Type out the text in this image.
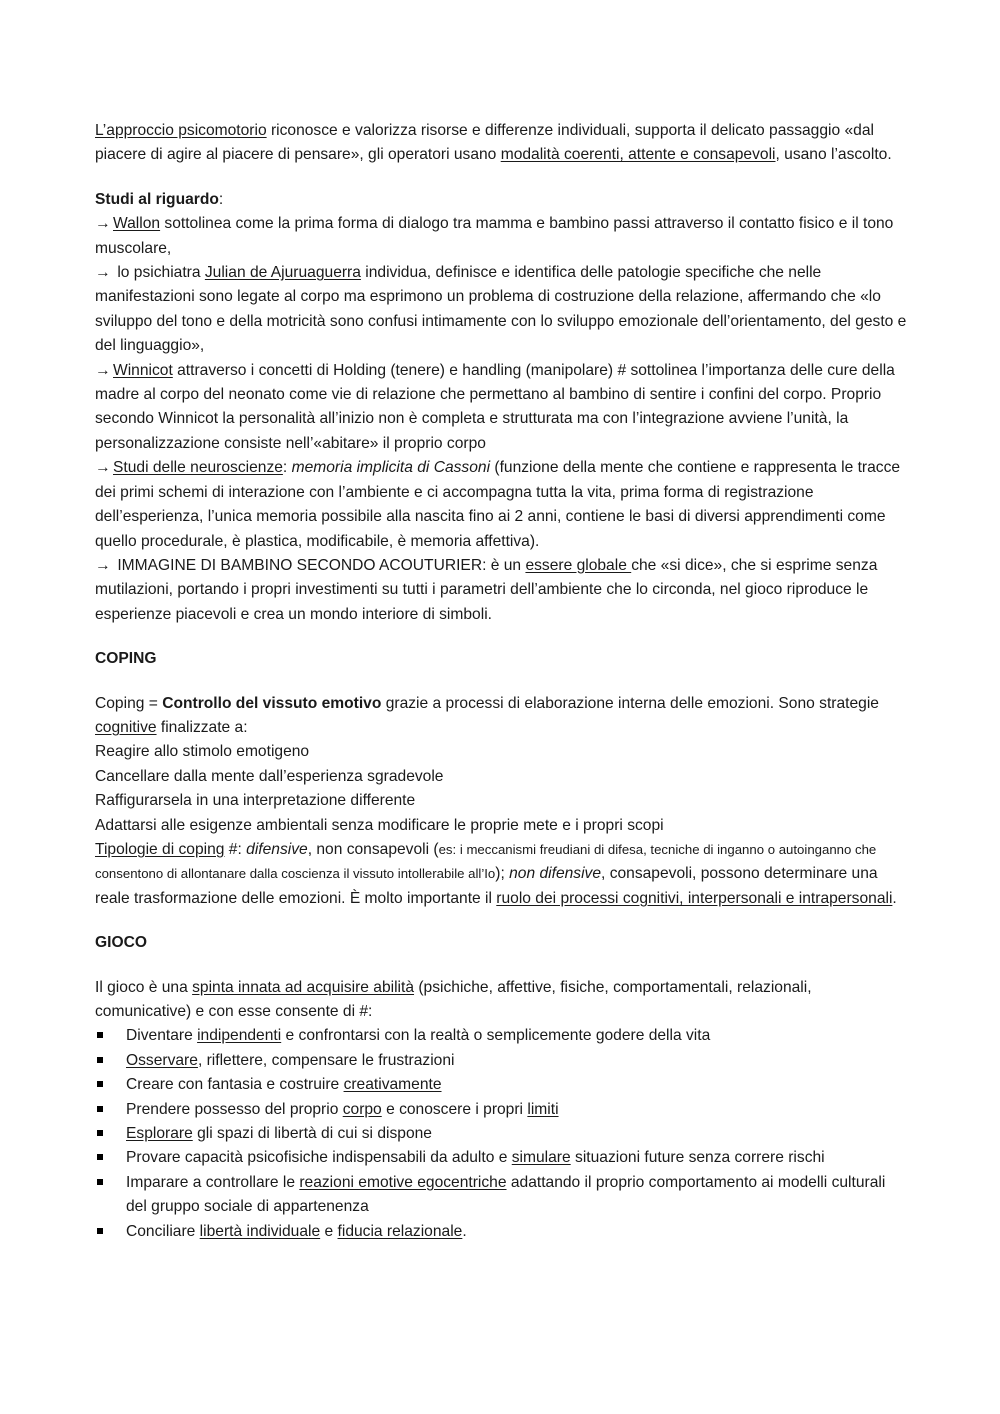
L’approccio psicomotorio riconosce e valorizza risorse e differenze individuali, supporta il delicato passaggio «dal piacere di agire al piacere di pensare», gli operatori usano modalità coerenti, attente e consapevoli, usano l’ascolto.

Studi al riguardo:

→ Wallon sottolinea come la prima forma di dialogo tra mamma e bambino passi attraverso il contatto fisico e il tono muscolare,

→ lo psichiatra Julian de Ajuruaguerra individua, definisce e identifica delle patologie specifiche che nelle manifestazioni sono legate al corpo ma esprimono un problema di costruzione della relazione, affermando che «lo sviluppo del tono e della motricità sono confusi intimamente con lo sviluppo emozionale dell’orientamento, del gesto e del linguaggio»,

→ Winnicot attraverso i concetti di Holding (tenere) e handling (manipolare) # sottolinea l’importanza delle cure della madre al corpo del neonato come vie di relazione che permettano al bambino di sentire i confini del corpo. Proprio secondo Winnicot la personalità all’inizio non è completa e strutturata ma con l’integrazione avviene l’unità, la personalizzazione consiste nell’«abitare» il proprio corpo

→ Studi delle neuroscienze: memoria implicita di Cassoni (funzione della mente che contiene e rappresenta le tracce dei primi schemi di interazione con l’ambiente e ci accompagna tutta la vita, prima forma di registrazione dell’esperienza, l’unica memoria possibile alla nascita fino ai 2 anni, contiene le basi di diversi apprendimenti come quello procedurale, è plastica, modificabile, è memoria affettiva).

→ IMMAGINE DI BAMBINO SECONDO ACOUTURIER: è un essere globale che «si dice», che si esprime senza mutilazioni, portando i propri investimenti su tutti i parametri dell’ambiente che lo circonda, nel gioco riproduce le esperienze piacevoli e crea un mondo interiore di simboli.

COPING

Coping = Controllo del vissuto emotivo grazie a processi di elaborazione interna delle emozioni. Sono strategie cognitive finalizzate a:

Reagire allo stimolo emotigeno

Cancellare dalla mente dall’esperienza sgradevole

Raffigurarsela in una interpretazione differente

Adattarsi alle esigenze ambientali senza modificare le proprie mete e i propri scopi

Tipologie di coping #: difensive, non consapevoli (es: i meccanismi freudiani di difesa, tecniche di inganno o autoinganno che consentono di allontanare dalla coscienza il vissuto intollerabile all’Io); non difensive, consapevoli, possono determinare una reale trasformazione delle emozioni. È molto importante il ruolo dei processi cognitivi, interpersonali e intrapersonali.

GIOCO

Il gioco è una spinta innata ad acquisire abilità (psichiche, affettive, fisiche, comportamentali, relazionali, comunicative) e con esse consente di #:

Diventare indipendenti e confrontarsi con la realtà o semplicemente godere della vita
Osservare, riflettere, compensare le frustrazioni
Creare con fantasia e costruire creativamente
Prendere possesso del proprio corpo e conoscere i propri limiti
Esplorare gli spazi di libertà di cui si dispone
Provare capacità psicofisiche indispensabili da adulto e simulare situazioni future senza correre rischi
Imparare a controllare le reazioni emotive egocentriche adattando il proprio comportamento ai modelli culturali del gruppo sociale di appartenenza
Conciliare libertà individuale e fiducia relazionale.
